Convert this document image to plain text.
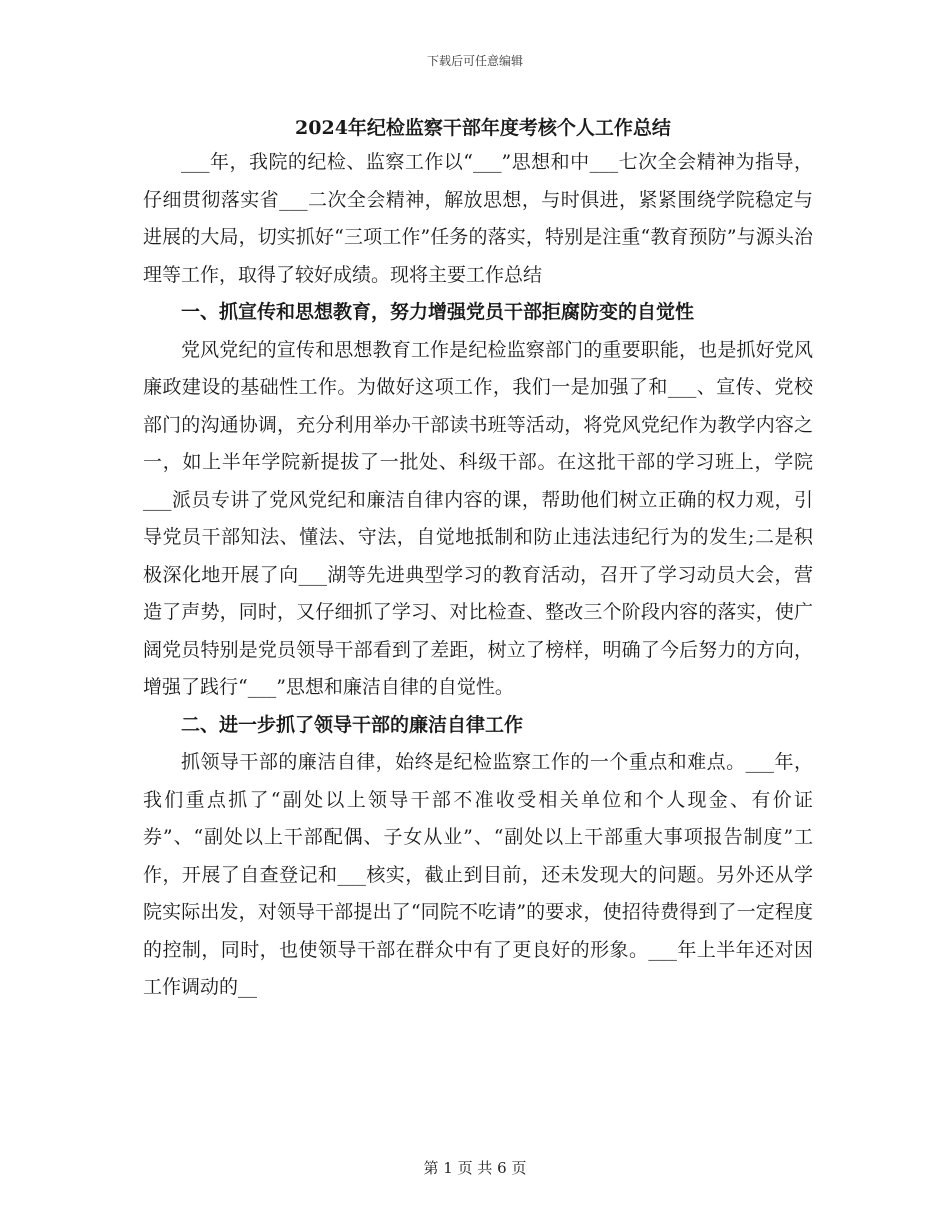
下载后可任意编辑
2024年纪检监察干部年度考核个人工作总结

___年，我院的纪检、监察工作以“___”思想和中___七次全会精神为指导，仔细贯彻落实省___二次全会精神，解放思想，与时俱进，紧紧围绕学院稳定与进展的大局，切实抓好“三项工作”任务的落实，特别是注重“教育预防”与源头治理等工作，取得了较好成绩。现将主要工作总结

一、抓宣传和思想教育，努力增强党员干部拒腐防变的自觉性

党风党纪的宣传和思想教育工作是纪检监察部门的重要职能，也是抓好党风廉政建设的基础性工作。为做好这项工作，我们一是加强了和___、宣传、党校部门的沟通协调，充分利用举办干部读书班等活动，将党风党纪作为教学内容之一，如上半年学院新提拔了一批处、科级干部。在这批干部的学习班上，学院___派员专讲了党风党纪和廉洁自律内容的课，帮助他们树立正确的权力观，引导党员干部知法、懂法、守法，自觉地抵制和防止违法违纪行为的发生;二是积极深化地开展了向___湖等先进典型学习的教育活动，召开了学习动员大会，营造了声势，同时，又仔细抓了学习、对比检查、整改三个阶段内容的落实，使广阔党员特别是党员领导干部看到了差距，树立了榜样，明确了今后努力的方向，增强了践行“___”思想和廉洁自律的自觉性。

二、进一步抓了领导干部的廉洁自律工作

抓领导干部的廉洁自律，始终是纪检监察工作的一个重点和难点。___年，我们重点抓了“副处以上领导干部不准收受相关单位和个人现金、有价证券”、“副处以上干部配偶、子女从业”、“副处以上干部重大事项报告制度”工作，开展了自查登记和___核实，截止到目前，还未发现大的问题。另外还从学院实际出发，对领导干部提出了“同院不吃请”的要求，使招待费得到了一定程度的控制，同时，也使领导干部在群众中有了更良好的形象。___年上半年还对因工作调动的__

第 1 页 共 6 页
